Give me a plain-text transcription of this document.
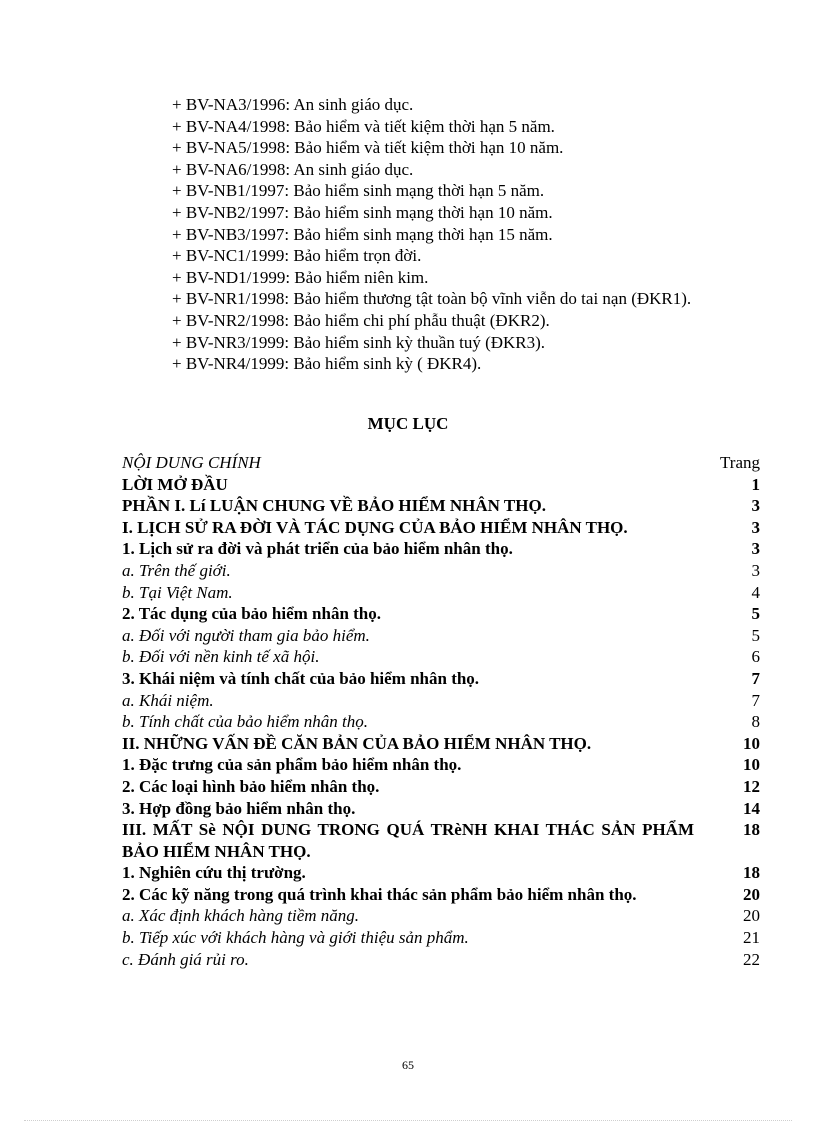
+ BV-NA3/1996: An sinh giáo dục.
+ BV-NA4/1998: Bảo hiểm và tiết kiệm thời hạn 5 năm.
+ BV-NA5/1998: Bảo hiểm và tiết kiệm thời hạn 10 năm.
+ BV-NA6/1998: An sinh giáo dục.
+ BV-NB1/1997: Bảo hiểm sinh mạng thời hạn 5 năm.
+ BV-NB2/1997: Bảo hiểm sinh mạng thời hạn 10 năm.
+ BV-NB3/1997: Bảo hiểm sinh mạng thời hạn 15 năm.
+ BV-NC1/1999: Bảo hiểm trọn đời.
+ BV-ND1/1999: Bảo hiểm niên kim.
+ BV-NR1/1998: Bảo hiểm thương tật toàn bộ vĩnh viễn do tai nạn (ĐKR1).
+ BV-NR2/1998: Bảo hiểm chi phí phẫu thuật (ĐKR2).
+ BV-NR3/1999: Bảo hiểm sinh kỳ thuần tuý (ĐKR3).
+ BV-NR4/1999: Bảo hiểm sinh kỳ ( ĐKR4).
MỤC LỤC
NỘI DUNG CHÍNH	Trang
LỜI MỞ ĐẦU	1
PHẦN I. Lí LUẬN CHUNG VỀ BẢO HIỂM NHÂN THỌ.	3
I. LỊCH SỬ RA ĐỜI VÀ TÁC DỤNG CỦA BẢO HIỂM NHÂN THỌ.	3
1. Lịch sử ra đời và phát triển của bảo hiểm nhân thọ.	3
a. Trên thế giới.	3
b. Tại Việt Nam.	4
2. Tác dụng của bảo hiểm nhân thọ.	5
a. Đối với người tham gia bảo hiểm.	5
b. Đối với nền kinh tế xã hội.	6
3. Khái niệm và tính chất của bảo hiểm nhân thọ.	7
a. Khái niệm.	7
b. Tính chất của bảo hiểm nhân thọ.	8
II. NHỮNG VẤN ĐỀ CĂN BẢN CỦA BẢO HIỂM NHÂN THỌ.	10
1. Đặc trưng của sản phẩm bảo hiểm nhân thọ.	10
2. Các loại hình bảo hiểm nhân thọ.	12
3. Hợp đồng bảo hiểm nhân thọ.	14
III. MẤT Sè NỘI DUNG TRONG QUÁ TRèNH KHAI THÁC SẢN PHẨM BẢO HIỂM NHÂN THỌ.
18
1. Nghiên cứu thị trường.	18
2. Các kỹ năng trong quá trình khai thác sản phẩm bảo hiểm nhân thọ.	20
a. Xác định khách hàng tiềm năng.	20
b. Tiếp xúc với khách hàng và giới thiệu sản phẩm.	21
c. Đánh giá rủi ro.	22
65
